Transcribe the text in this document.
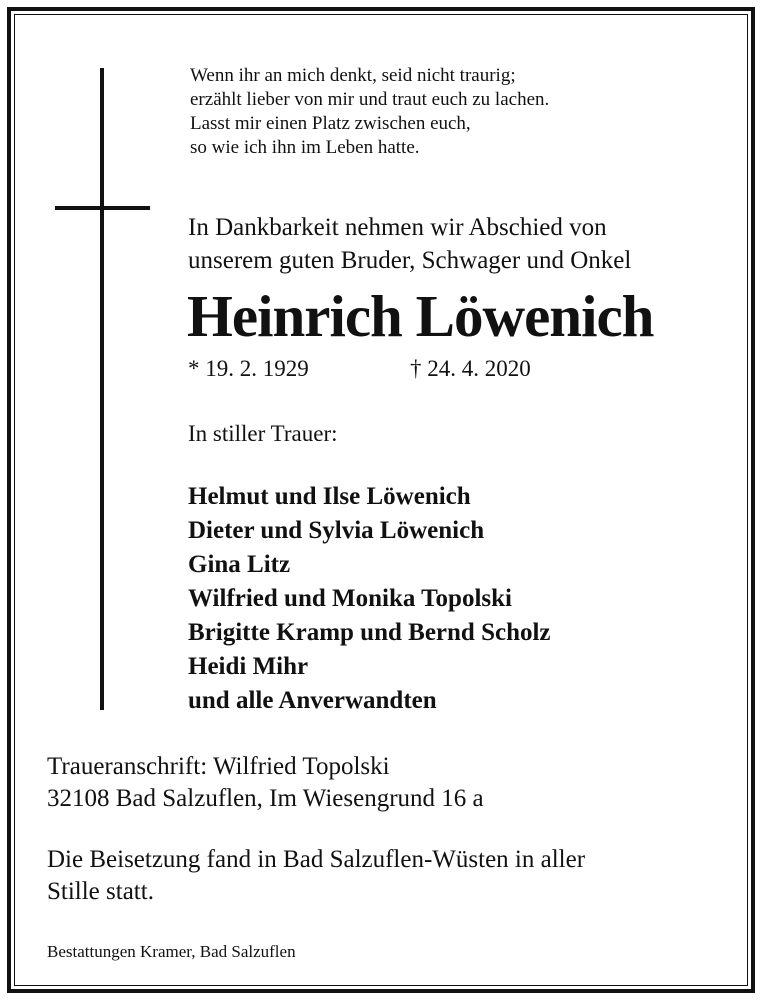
Wenn ihr an mich denkt, seid nicht traurig;
erzählt lieber von mir und traut euch zu lachen.
Lasst mir einen Platz zwischen euch,
so wie ich ihn im Leben hatte.
In Dankbarkeit nehmen wir Abschied von
unserem guten Bruder, Schwager und Onkel
Heinrich Löwenich
* 19. 2. 1929	† 24. 4. 2020
In stiller Trauer:
Helmut und Ilse Löwenich
Dieter und Sylvia Löwenich
Gina Litz
Wilfried und Monika Topolski
Brigitte Kramp und Bernd Scholz
Heidi Mihr
und alle Anverwandten
Traueranschrift: Wilfried Topolski
32108 Bad Salzuflen, Im Wiesengrund 16 a
Die Beisetzung fand in Bad Salzuflen-Wüsten in aller
Stille statt.
Bestattungen Kramer, Bad Salzuflen
